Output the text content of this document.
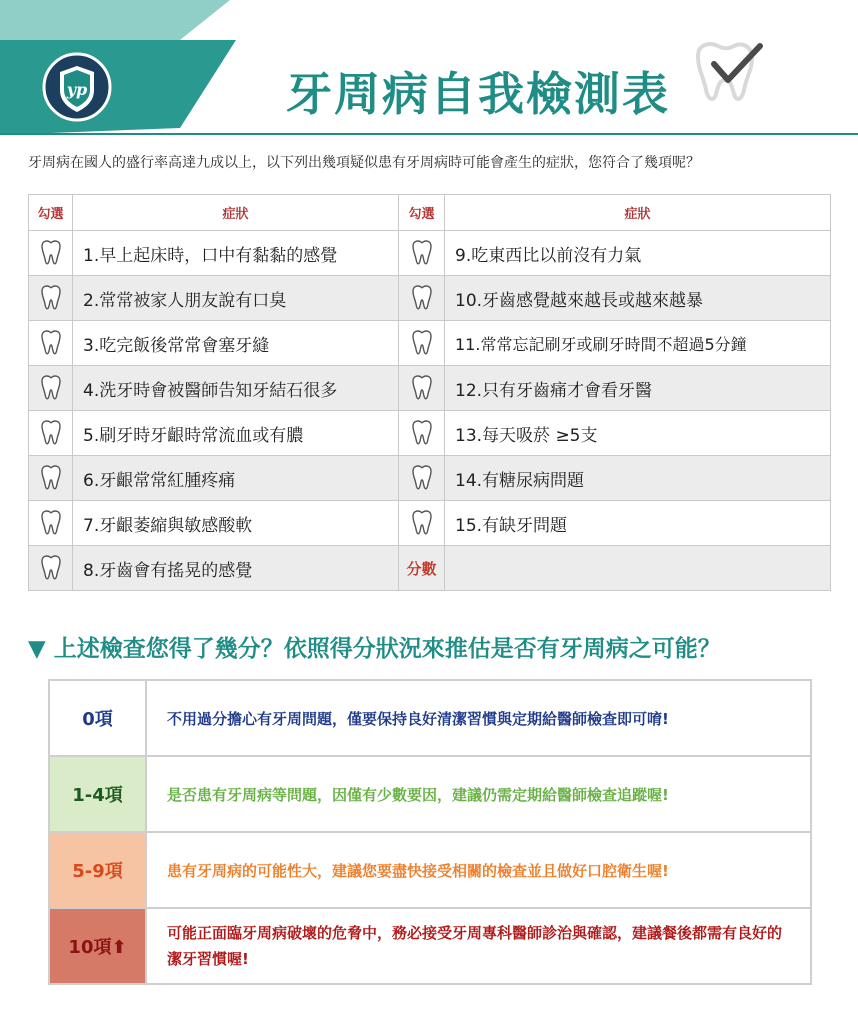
yp	牙周病自我檢測表
牙周病在國人的盛行率高達九成以上，以下列出幾項疑似患有牙周病時可能會產生的症狀，您符合了幾項呢？
勾選	症狀	勾選	症狀
	1.早上起床時，口中有黏黏的感覺		9.吃東西比以前沒有力氣
	2.常常被家人朋友說有口臭		10.牙齒感覺越來越長或越來越暴
	3.吃完飯後常常會塞牙縫		11.常常忘記刷牙或刷牙時間不超過5分鐘
	4.洗牙時會被醫師告知牙結石很多		12.只有牙齒痛才會看牙醫
	5.刷牙時牙齦時常流血或有膿		13.每天吸菸 ≥5支
	6.牙齦常常紅腫疼痛		14.有糖尿病問題
	7.牙齦萎縮與敏感酸軟		15.有缺牙問題
	8.牙齒會有搖晃的感覺	分數	
▼ 上述檢查您得了幾分？依照得分狀況來推估是否有牙周病之可能？
0項	不用過分擔心有牙周問題，僅要保持良好清潔習慣與定期給醫師檢查即可唷!
1-4項	是否患有牙周病等問題，因僅有少數要因，建議仍需定期給醫師檢查追蹤喔!
5-9項	患有牙周病的可能性大，建議您要盡快接受相關的檢查並且做好口腔衛生喔!
10項⬆	可能正面臨牙周病破壞的危脅中，務必接受牙周專科醫師診治與確認，建議餐後都需有良好的潔牙習慣喔!
